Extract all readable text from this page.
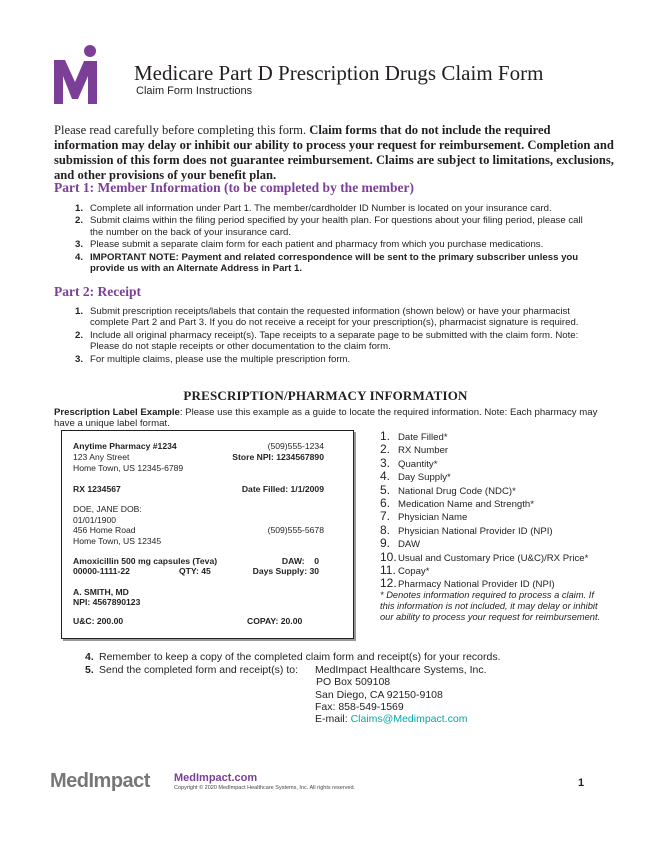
Medicare Part D Prescription Drugs Claim Form
Claim Form Instructions
Please read carefully before completing this form. Claim forms that do not include the required information may delay or inhibit our ability to process your request for reimbursement. Completion and submission of this form does not guarantee reimbursement. Claims are subject to limitations, exclusions, and other provisions of your benefit plan.
Part 1: Member Information (to be completed by the member)
1. Complete all information under Part 1. The member/cardholder ID Number is located on your insurance card.
2. Submit claims within the filing period specified by your health plan. For questions about your filing period, please call the number on the back of your insurance card.
3. Please submit a separate claim form for each patient and pharmacy from which you purchase medications.
4. IMPORTANT NOTE: Payment and related correspondence will be sent to the primary subscriber unless you provide us with an Alternate Address in Part 1.
Part 2: Receipt
1. Submit prescription receipts/labels that contain the requested information (shown below) or have your pharmacist complete Part 2 and Part 3. If you do not receive a receipt for your prescription(s), pharmacist signature is required.
2. Include all original pharmacy receipt(s). Tape receipts to a separate page to be submitted with the claim form. Note: Please do not staple receipts or other documentation to the claim form.
3. For multiple claims, please use the multiple prescription form.
PRESCRIPTION/PHARMACY INFORMATION
Prescription Label Example: Please use this example as a guide to locate the required information. Note: Each pharmacy may have a unique label format.
Anytime Pharmacy #1234	(509)555-1234
123 Any Street	Store NPI: 1234567890
Home Town, US 12345-6789
RX 1234567	Date Filled: 1/1/2009
DOE, JANE DOB:
01/01/1900
456 Home Road	(509)555-5678
Home Town, US 12345
Amoxicillin 500 mg capsules (Teva)	DAW:    0
00000-1111-22	QTY: 45	Days Supply: 30
A. SMITH, MD
NPI: 4567890123
U&C: 200.00	COPAY: 20.00
1. Date Filled*
2. RX Number
3. Quantity*
4. Day Supply*
5. National Drug Code (NDC)*
6. Medication Name and Strength*
7. Physician Name
8. Physician National Provider ID (NPI)
9. DAW
10.Usual and Customary Price (U&C)/RX Price*
11. Copay*
12.Pharmacy National Provider ID (NPI)
* Denotes information required to process a claim. If this information is not included, it may delay or inhibit our ability to process your request for reimbursement.
4. Remember to keep a copy of the completed claim form and receipt(s) for your records.
5. Send the completed form and receipt(s) to: MedImpact Healthcare Systems, Inc.
PO Box 509108
San Diego, CA 92150-9108
Fax: 858-549-1569
E-mail: Claims@Medimpact.com
MedImpact MedImpact.com
Copyright © 2020 MedImpact Healthcare Systems, Inc. All rights reserved.	1
